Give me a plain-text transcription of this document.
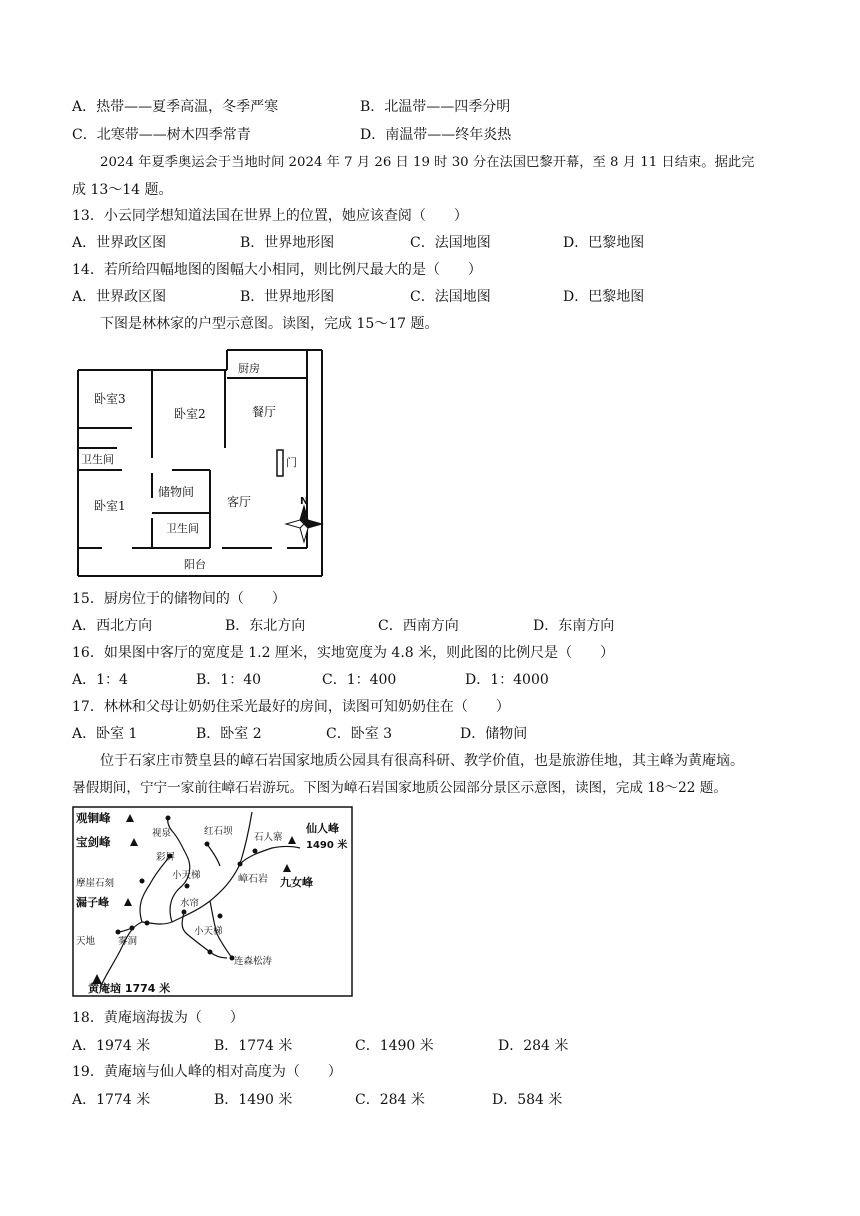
A．热带——夏季高温，冬季严寒	B．北温带——四季分明
C．北寒带——树木四季常青	D．南温带——终年炎热
2024 年夏季奥运会于当地时间 2024 年 7 月 26 日 19 时 30 分在法国巴黎开幕，至 8 月 11 日结束。据此完
成 13～14 题。
13．小云同学想知道法国在世界上的位置，她应该查阅（　　）
A．世界政区图	B．世界地形图	C．法国地图	D．巴黎地图
14．若所给四幅地图的图幅大小相同，则比例尺最大的是（　　）
A．世界政区图	B．世界地形图	C．法国地图	D．巴黎地图
下图是林林家的户型示意图。读图，完成 15～17 题。
厨房
卧室3
卧室2	餐厅
卫生间	门
卧室1
储物间
客厅
卫生间
阳台
N
15．厨房位于的储物间的（　　）
A．西北方向	B．东北方向	C．西南方向	D．东南方向
16．如果图中客厅的宽度是 1.2 厘米，实地宽度为 4.8 米，则此图的比例尺是（　　）
A．1：4	B．1：40	C．1：400	D．1：4000
17．林林和父母让奶奶住采光最好的房间，读图可知奶奶住在（　　）
A．卧室 1	B．卧室 2	C．卧室 3	D．储物间
位于石家庄市赞皇县的嶂石岩国家地质公园具有很高科研、教学价值，也是旅游佳地，其主峰为黄庵垴。
暑假期间，宁宁一家前往嶂石岩游玩。下图为嶂石岩国家地质公园部分景区示意图，读图，完成 18～22 题。
观铜峰
宝剑峰
视泉	红石坝
石人寨
仙人峰
1490 米
彩屏
摩崖石刻
小天梯	嶂石岩 九女峰
漏子峰	水帘
雾洞
天地
小天梯
连森松涛
黄庵垴 1774 米
18．黄庵垴海拔为（　　）
A．1974 米	B．1774 米	C．1490 米	D．284 米
19．黄庵垴与仙人峰的相对高度为（　　）
A．1774 米	B．1490 米	C．284 米	D．584 米
